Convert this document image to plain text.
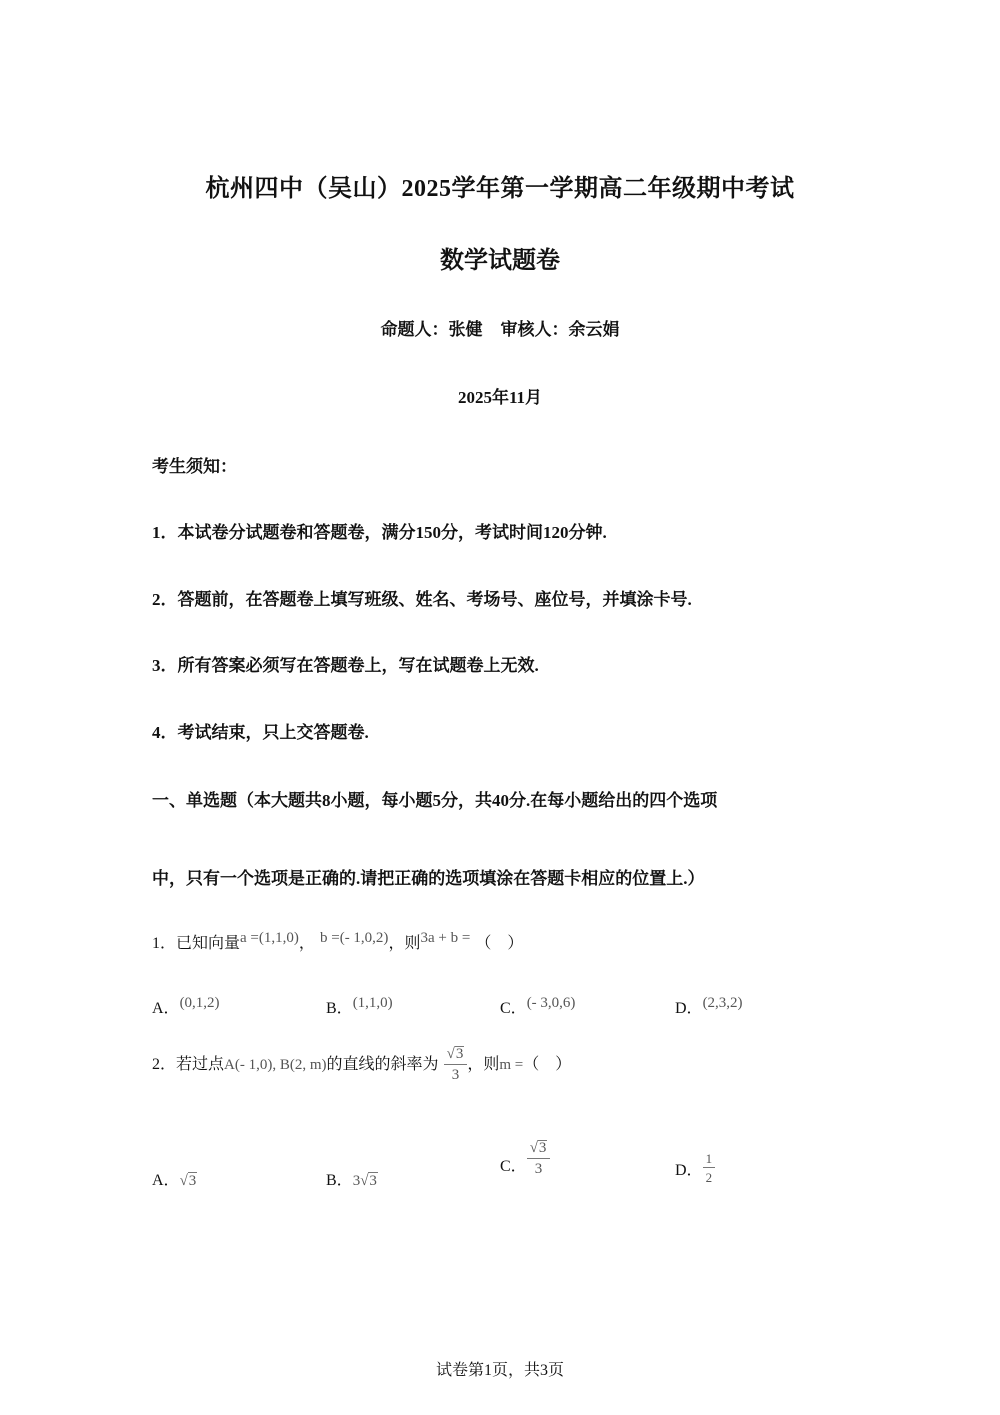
杭州四中（吴山）2025学年第一学期高二年级期中考试
数学试题卷
命题人：张健 审核人：余云娟
2025年11月
考生须知：
1．本试卷分试题卷和答题卷，满分150分，考试时间120分钟.
2．答题前，在答题卷上填写班级、姓名、考场号、座位号，并填涂卡号.
3．所有答案必须写在答题卷上，写在试题卷上无效.
4．考试结束，只上交答题卷.
一、单选题（本大题共8小题，每小题5分，共40分.在每小题给出的四个选项
中，只有一个选项是正确的.请把正确的选项填涂在答题卡相应的位置上.）
1．已知向量a =(1,1,0)， b =(- 1,0,2)，则3a + b = （　）
A．(0,1,2)	B．(1,1,0)	C．(- 3,0,6)	D．(2,3,2)
2．若过点A(- 1,0), B(2, m)的直线的斜率为 $\frac{√3}{3}$ ，则m =（　）
A．√3	B．3√3
C． $\frac{√3}{3}$	D． $\frac{1}{2}$
试卷第1页，共3页
